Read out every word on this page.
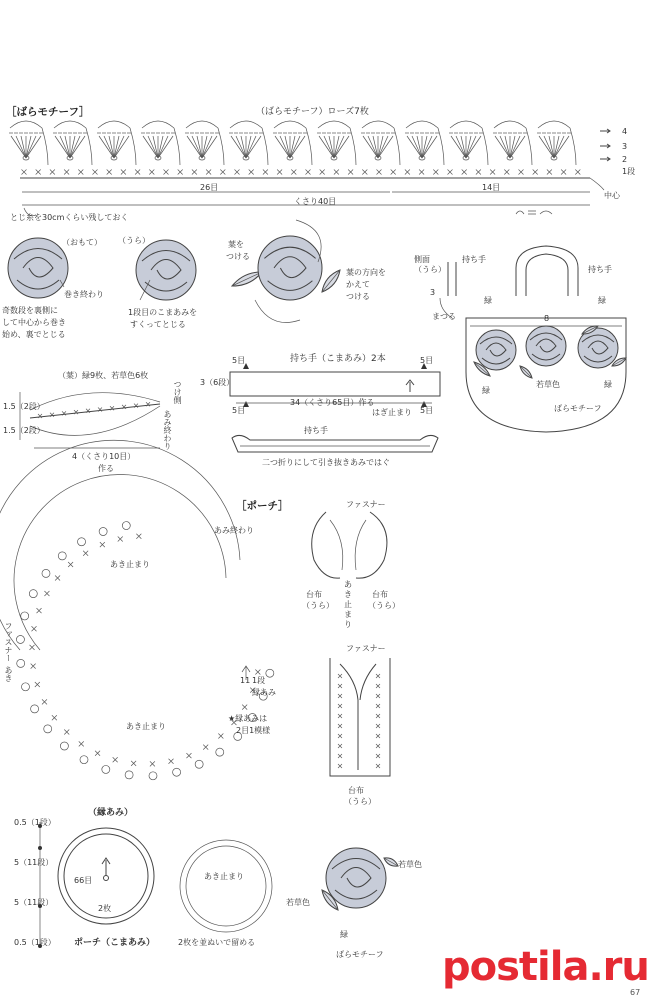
［ばらモチーフ］	（ばらモチーフ）ローズ7枚
4
3
2
1段
26目	14目
くさり40目
中心
とじ糸を30cmくらい残しておく
（おもて） （うら）
巻き終わり
奇数段を裏側に
して中心から巻き
始め、裏でとじる
1段目のこまあみを
すくってとじる
葉を
つける
葉の方向を
かえて
つける
（葉）緑9枚、若草色6枚
つけ側
あみ終わり
1.5（2段）
1.5（2段）
4（くさり10目）
作る
持ち手（こまあみ）2本
5目	5目
3（6段）
5目	5目
34（くさり65目）作る
はぎ止まり
持ち手
二つ折りにして引き抜きあみではぐ
側面
（うら）
持ち手
3
まつる
持ち手
緑	緑
8
緑
緑
若草色
ばらモチーフ
［ポーチ］
あみ終わり
あき止まり
ファスナー
あき	11 1段
縁あみ
★縁あみは
2目1模様
あき止まり
ファスナー
台布
（うら）
あ
き
止
ま
り
台布
（うら）
ファスナー
台布
（うら）
0.5（1段）
5（11段）
5（11段）
0.5（1段）
（縁あみ）
66目
2枚
ポーチ（こまあみ）
あき止まり
2枚を並ぬいで留める
若草色
若草色
緑
ばらモチーフ postila.ru
67
